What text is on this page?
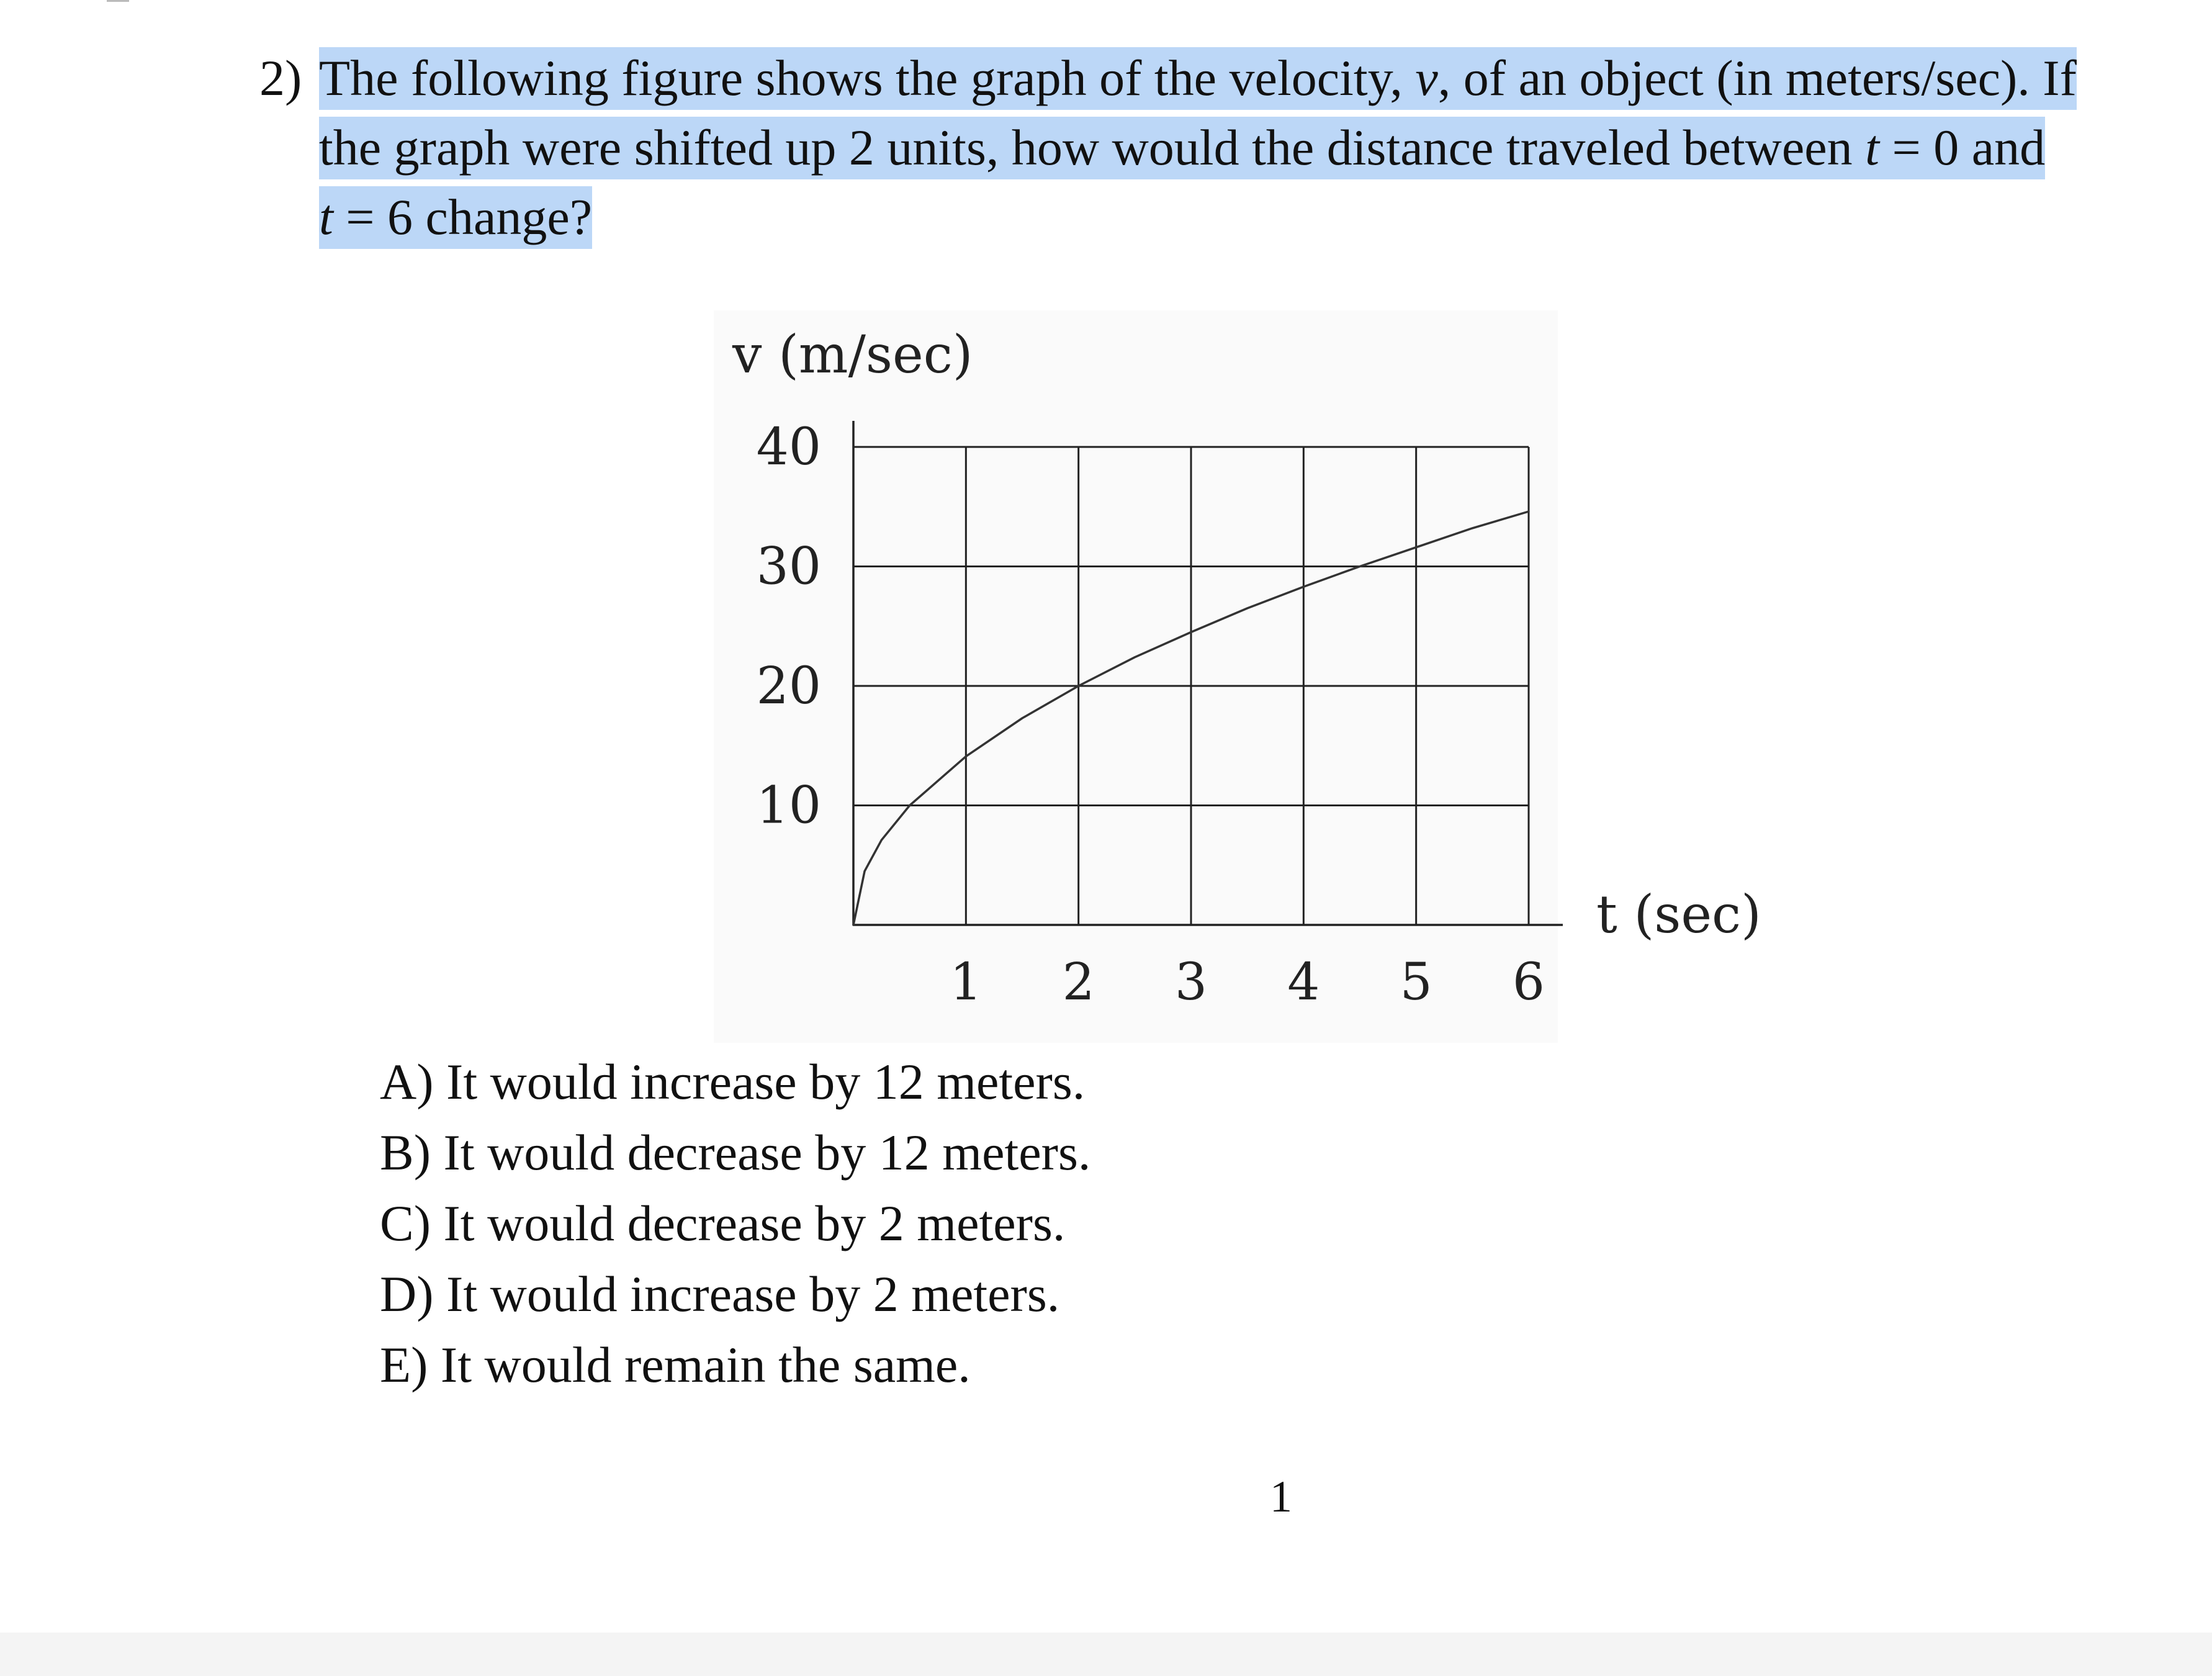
2) The following figure shows the graph of the velocity, v, of an object (in meters/sec). If
the graph were shifted up 2 units, how would the distance traveled between t = 0 and
t = 6 change?
1 2 3 4 5 6
10
20
30
40
v (m/sec)
t (sec)
A) It would increase by 12 meters.
B) It would decrease by 12 meters.
C) It would decrease by 2 meters.
D) It would increase by 2 meters.
E) It would remain the same.
1
